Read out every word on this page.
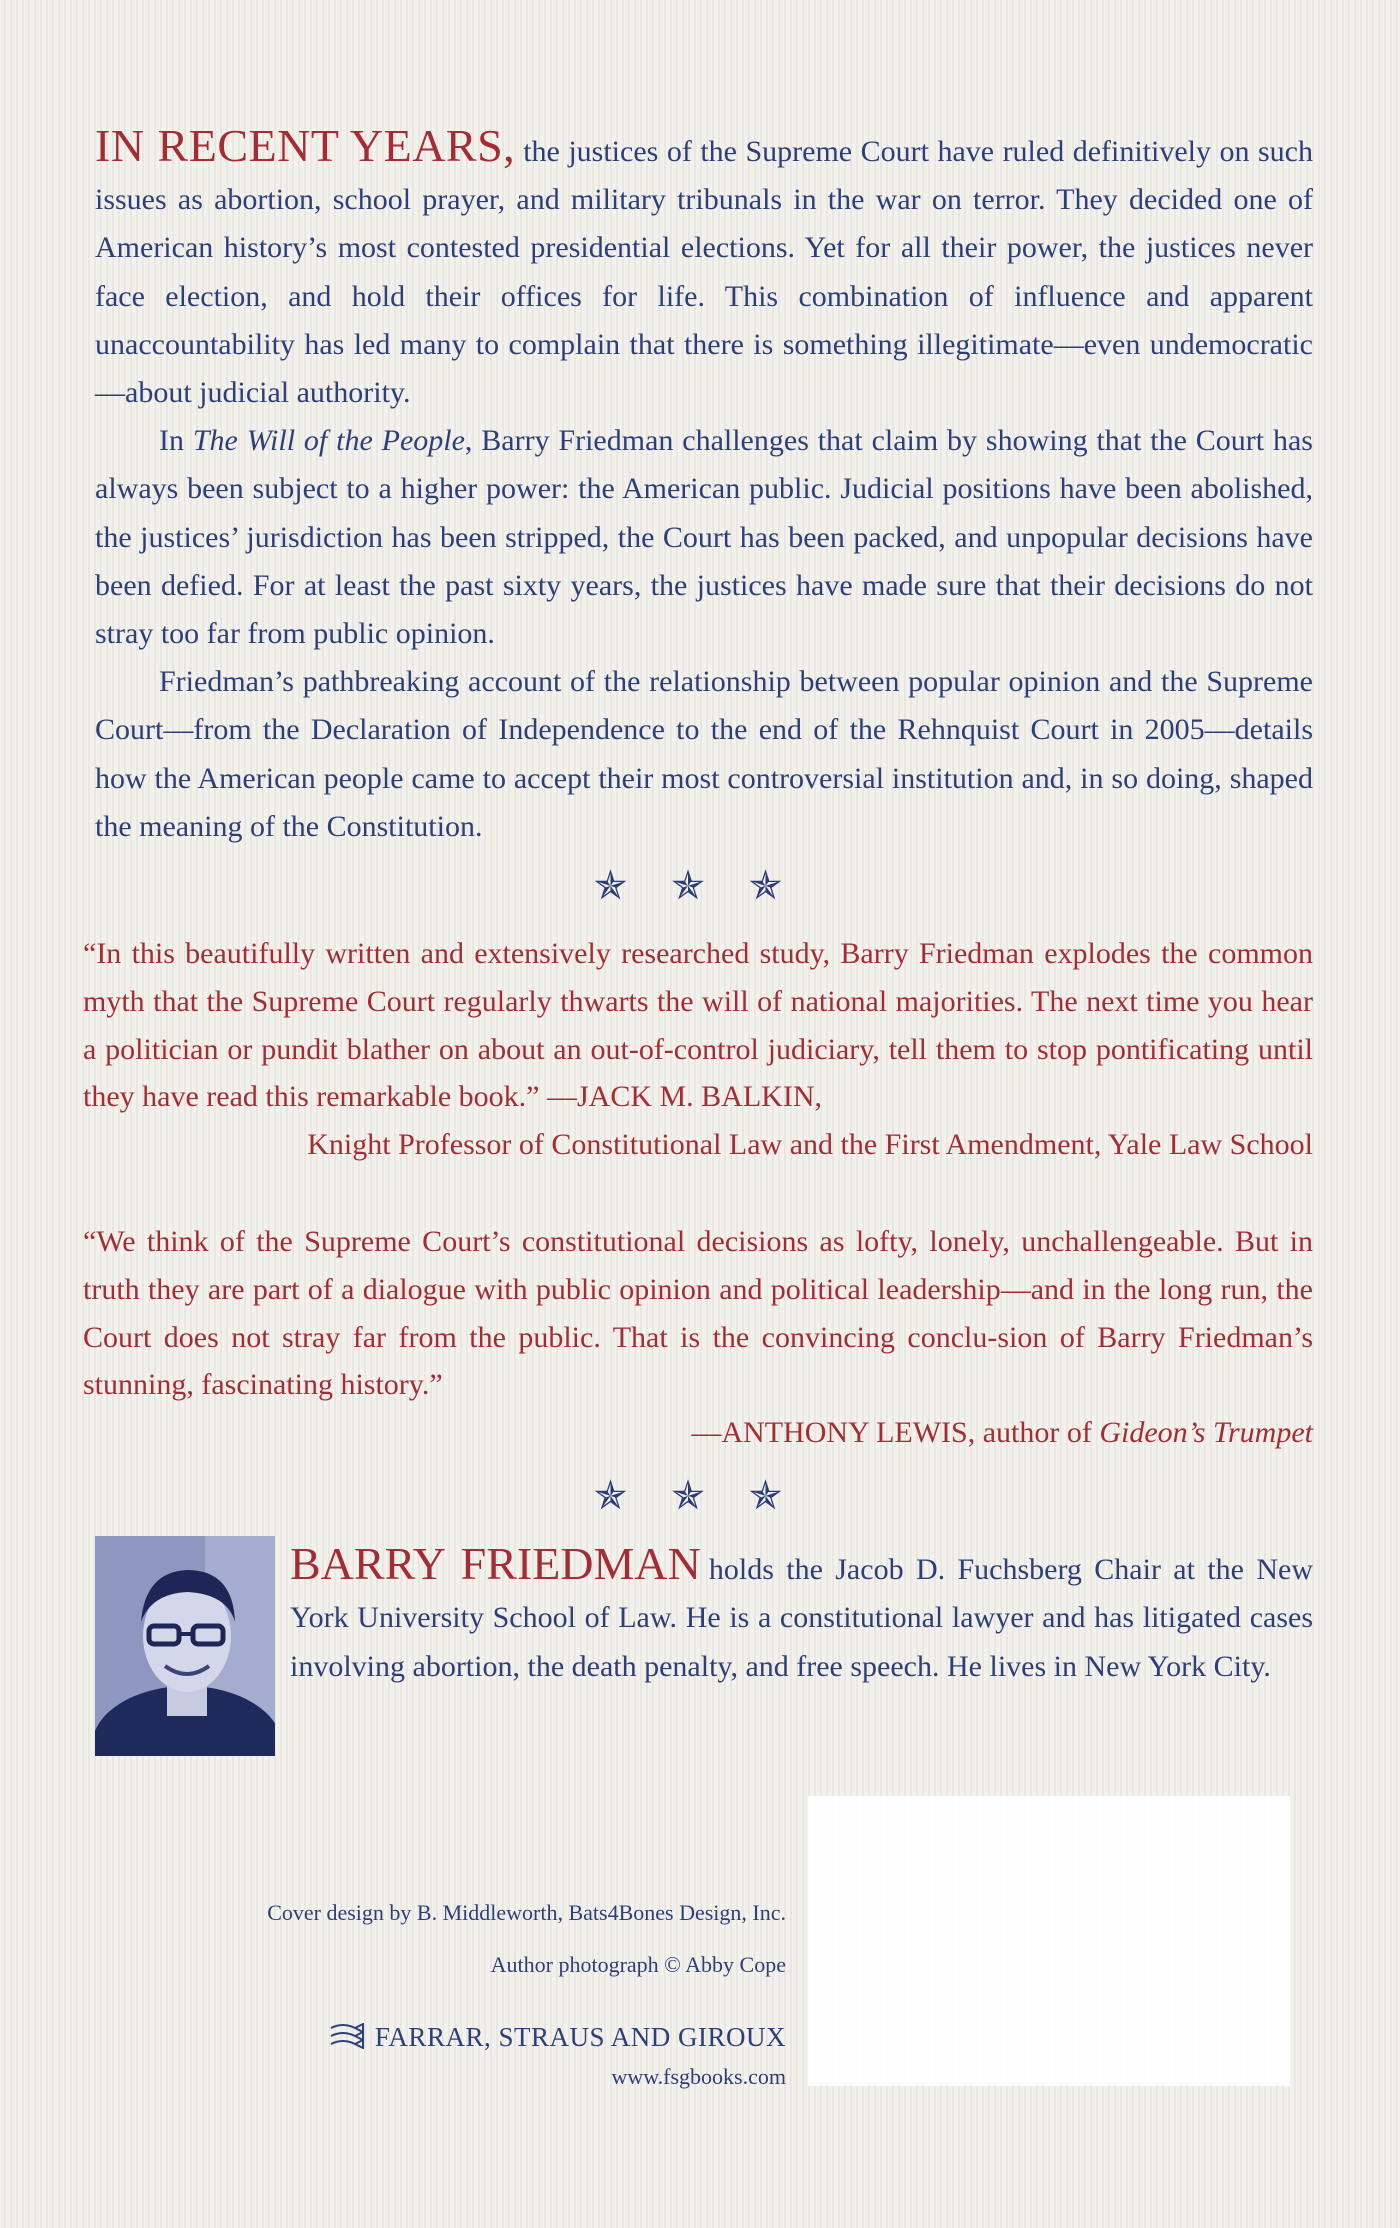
IN RECENT YEARS, the justices of the Supreme Court have ruled definitively on such issues as abortion, school prayer, and military tribunals in the war on terror. They decided one of American history’s most contested presidential elections. Yet for all their power, the justices never face election, and hold their offices for life. This combination of influence and apparent unaccountability has led many to complain that there is something illegitimate—even undemocratic—about judicial authority.

In The Will of the People, Barry Friedman challenges that claim by showing that the Court has always been subject to a higher power: the American public. Judicial positions have been abolished, the justices’ jurisdiction has been stripped, the Court has been packed, and unpopular decisions have been defied. For at least the past sixty years, the justices have made sure that their decisions do not stray too far from public opinion.

Friedman’s pathbreaking account of the relationship between popular opinion and the Supreme Court—from the Declaration of Independence to the end of the Rehnquist Court in 2005—details how the American people came to accept their most controversial institution and, in so doing, shaped the meaning of the Constitution.

✯ ✯ ✯

“In this beautifully written and extensively researched study, Barry Friedman explodes the common myth that the Supreme Court regularly thwarts the will of national majorities. The next time you hear a politician or pundit blather on about an out-of-control judiciary, tell them to stop pontificating until they have read this remarkable book.” —JACK M. BALKIN,

Knight Professor of Constitutional Law and the First Amendment, Yale Law School

“We think of the Supreme Court’s constitutional decisions as lofty, lonely, unchallengeable. But in truth they are part of a dialogue with public opinion and political leadership—and in the long run, the Court does not stray far from the public. That is the convincing conclu-sion of Barry Friedman’s stunning, fascinating history.”

—ANTHONY LEWIS, author of Gideon’s Trumpet

✯ ✯ ✯

BARRY FRIEDMAN holds the Jacob D. Fuchsberg Chair at the New York University School of Law. He is a constitutional lawyer and has litigated cases involving abortion, the death penalty, and free speech. He lives in New York City.

Cover design by B. Middleworth, Bats4Bones Design, Inc.
Author photograph © Abby Cope
FARRAR, STRAUS AND GIROUX
www.fsgbooks.com
